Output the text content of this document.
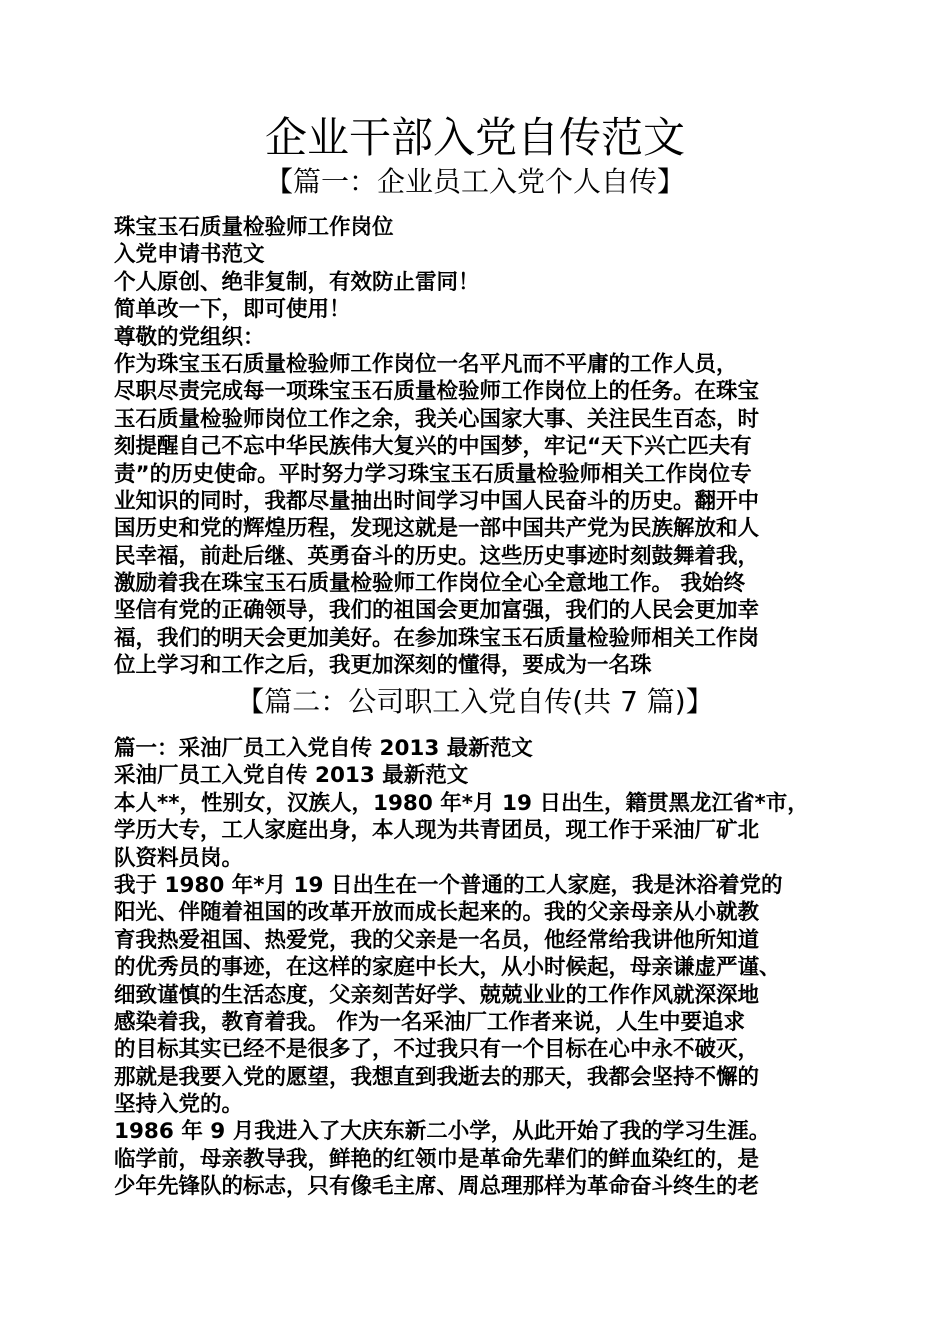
企业干部入党自传范文
【篇一：企业员工入党个人自传】
珠宝玉石质量检验师工作岗位
入党申请书范文
个人原创、绝非复制，有效防止雷同！
简单改一下，即可使用！
尊敬的党组织：
作为珠宝玉石质量检验师工作岗位一名平凡而不平庸的工作人员，
尽职尽责完成每一项珠宝玉石质量检验师工作岗位上的任务。在珠宝
玉石质量检验师岗位工作之余，我关心国家大事、关注民生百态，时
刻提醒自己不忘中华民族伟大复兴的中国梦，牢记“天下兴亡匹夫有
责”的历史使命。平时努力学习珠宝玉石质量检验师相关工作岗位专
业知识的同时，我都尽量抽出时间学习中国人民奋斗的历史。翻开中
国历史和党的辉煌历程，发现这就是一部中国共产党为民族解放和人
民幸福，前赴后继、英勇奋斗的历史。这些历史事迹时刻鼓舞着我，
激励着我在珠宝玉石质量检验师工作岗位全心全意地工作。 我始终
坚信有党的正确领导，我们的祖国会更加富强，我们的人民会更加幸
福，我们的明天会更加美好。在参加珠宝玉石质量检验师相关工作岗
位上学习和工作之后，我更加深刻的懂得，要成为一名珠
【篇二：公司职工入党自传(共 7 篇)】
篇一：采油厂员工入党自传 2013 最新范文
采油厂员工入党自传 2013 最新范文
本人**，性别女，汉族人，1980 年*月 19 日出生，籍贯黑龙江省*市，
学历大专，工人家庭出身，本人现为共青团员，现工作于采油厂矿北
队资料员岗。
我于 1980 年*月 19 日出生在一个普通的工人家庭，我是沐浴着党的
阳光、伴随着祖国的改革开放而成长起来的。我的父亲母亲从小就教
育我热爱祖国、热爱党，我的父亲是一名员，他经常给我讲他所知道
的优秀员的事迹，在这样的家庭中长大，从小时候起，母亲谦虚严谨、
细致谨慎的生活态度，父亲刻苦好学、兢兢业业的工作作风就深深地
感染着我，教育着我。 作为一名采油厂工作者来说，人生中要追求
的目标其实已经不是很多了，不过我只有一个目标在心中永不破灭，
那就是我要入党的愿望，我想直到我逝去的那天，我都会坚持不懈的
坚持入党的。
1986 年 9 月我进入了大庆东新二小学，从此开始了我的学习生涯。
临学前，母亲教导我，鲜艳的红领巾是革命先辈们的鲜血染红的，是
少年先锋队的标志，只有像毛主席、周总理那样为革命奋斗终生的老
